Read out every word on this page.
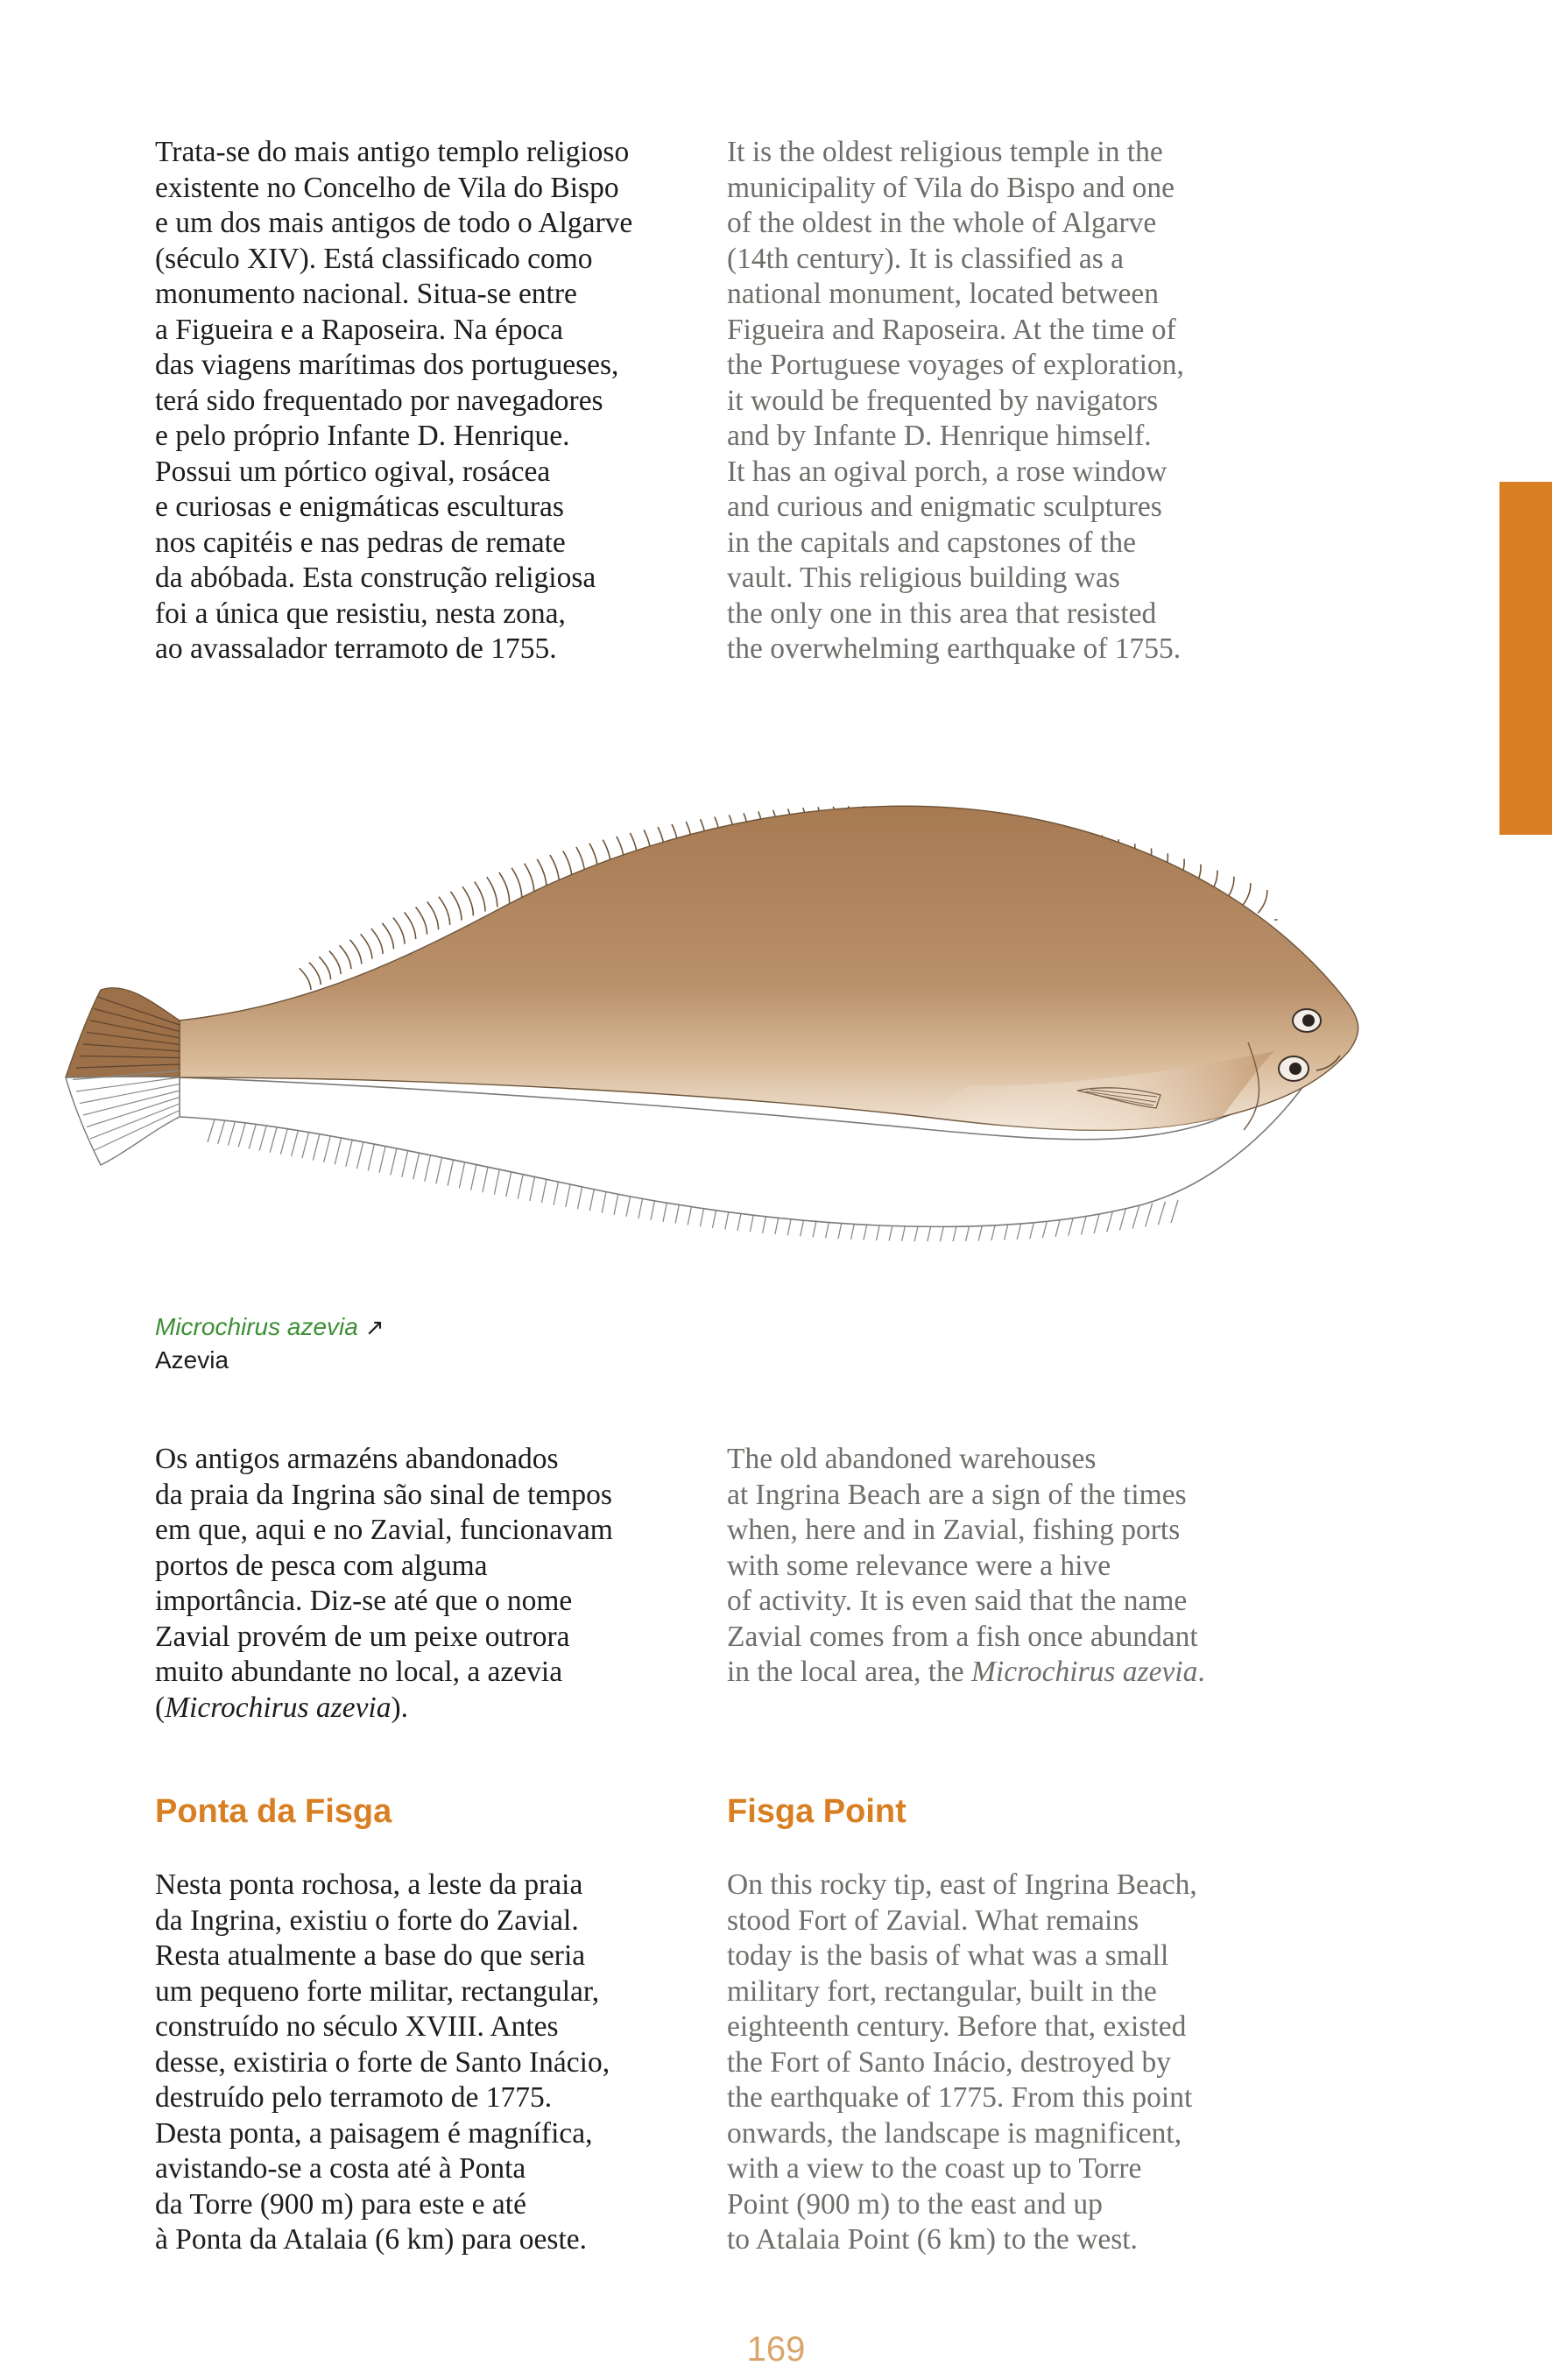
Trata-se do mais antigo templo religioso
existente no Concelho de Vila do Bispo
e um dos mais antigos de todo o Algarve
(século XIV). Está classificado como
monumento nacional. Situa-se entre
a Figueira e a Raposeira. Na época
das viagens marítimas dos portugueses,
terá sido frequentado por navegadores
e pelo próprio Infante D. Henrique.
Possui um pórtico ogival, rosácea
e curiosas e enigmáticas esculturas
nos capitéis e nas pedras de remate
da abóbada. Esta construção religiosa
foi a única que resistiu, nesta zona,
ao avassalador terramoto de 1755.

It is the oldest religious temple in the
municipality of Vila do Bispo and one
of the oldest in the whole of Algarve
(14th century). It is classified as a
national monument, located between
Figueira and Raposeira. At the time of
the Portuguese voyages of exploration,
it would be frequented by navigators
and by Infante D. Henrique himself.
It has an ogival porch, a rose window
and curious and enigmatic sculptures
in the capitals and capstones of the
vault. This religious building was
the only one in this area that resisted
the overwhelming earthquake of 1755.

Microchirus azevia ↗
Azevia

Os antigos armazéns abandonados
da praia da Ingrina são sinal de tempos
em que, aqui e no Zavial, funcionavam
portos de pesca com alguma
importância. Diz-se até que o nome
Zavial provém de um peixe outrora
muito abundante no local, a azevia
(Microchirus azevia).

The old abandoned warehouses
at Ingrina Beach are a sign of the times
when, here and in Zavial, fishing ports
with some relevance were a hive
of activity. It is even said that the name
Zavial comes from a fish once abundant
in the local area, the Microchirus azevia.

Ponta da Fisga	Fisga Point

Nesta ponta rochosa, a leste da praia
da Ingrina, existiu o forte do Zavial.
Resta atualmente a base do que seria
um pequeno forte militar, rectangular,
construído no século XVIII. Antes
desse, existiria o forte de Santo Inácio,
destruído pelo terramoto de 1775.
Desta ponta, a paisagem é magnífica,
avistando-se a costa até à Ponta
da Torre (900 m) para este e até
à Ponta da Atalaia (6 km) para oeste.

On this rocky tip, east of Ingrina Beach,
stood Fort of Zavial. What remains
today is the basis of what was a small
military fort, rectangular, built in the
eighteenth century. Before that, existed
the Fort of Santo Inácio, destroyed by
the earthquake of 1775. From this point
onwards, the landscape is magnificent,
with a view to the coast up to Torre
Point (900 m) to the east and up
to Atalaia Point (6 km) to the west.

169
